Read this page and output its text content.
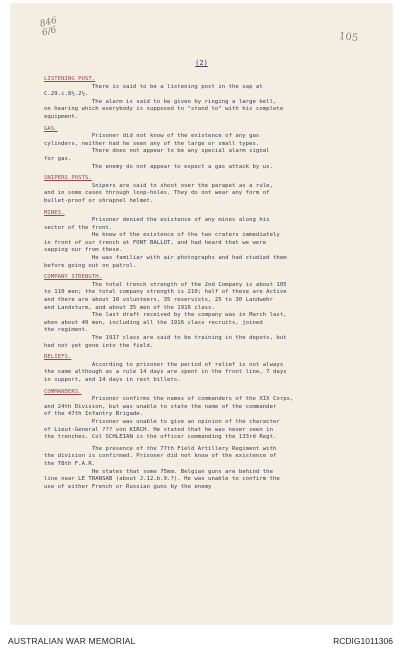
846 6/6	105
(2)
LISTENING POST.

There is said to be a listening post in the sap at
C.29.c.8½.2½.
The alarm is said to be given by ringing a large bell,
on hearing which everybody is supposed to "stand to" with his complete
equipment.

GAS.

Prisoner did not know of the existence of any gas
cylinders, neither had he seen any of the large or small types.
There does not appear to be any special alarm signal
for gas.
The enemy do not appear to expect a gas attack by us.

SNIPERS POSTS.

Snipers are said to shoot over the parapet as a rule,
and in some cases through loop-holes. They do not wear any form of
bullet-proof or shrapnel helmet.

MINES.

Prisoner denied the existence of any mines along his
sector of the front.
He knew of the existence of the two craters immediately
in front of our trench at FONT BALLOT, and had heard that we were
sapping our from these.
He was familiar with air photographs and had studied them
before going out on patrol.

COMPANY STRENGTH.

The total trench strength of the 2nd Company is about 105
to 110 men; the total company strength is 210; half of these are Active
and there are about 10 volunteers, 35 reservists, 25 to 30 Landwehr
and Landsturm, and about 35 men of the 1916 class.
The last draft received by the company was in March last,
when about 40 men, including all the 1916 class recruits, joined
the regiment.
The 1917 class are said to be training in the depots, but
had not yet gone into the field.

RELIEFS.

According to prisoner the period of relief is not always
the same although as a rule 14 days are spent in the front line, 7 days
in support, and 14 days in rest billets.

COMMANDERS.

Prisoner confirms the names of commanders of the XIX Corps,
and 24th Division, but was unable to state the name of the commander
of the 47th Infantry Brigade.
Prisoner was unable to give an opinion of the character
of Lieut-General ??? von KIRCH. He stated that he was never seen in
the trenches. Col SCHLEIAN is the officer commanding the 133rd Regt.

The presence of the 77th Field Artillery Regiment with
the division is confirmed. Prisoner did not know of the existence of
the 78th F.A.R.
He states that some 75mm. Belgian guns are behind the
line near LE TRANSAB (about J.12.b.9.?). He was unable to confirm the
use of either French or Russian guns by the enemy

AUSTRALIAN WAR MEMORIAL	RCDIG1011306
